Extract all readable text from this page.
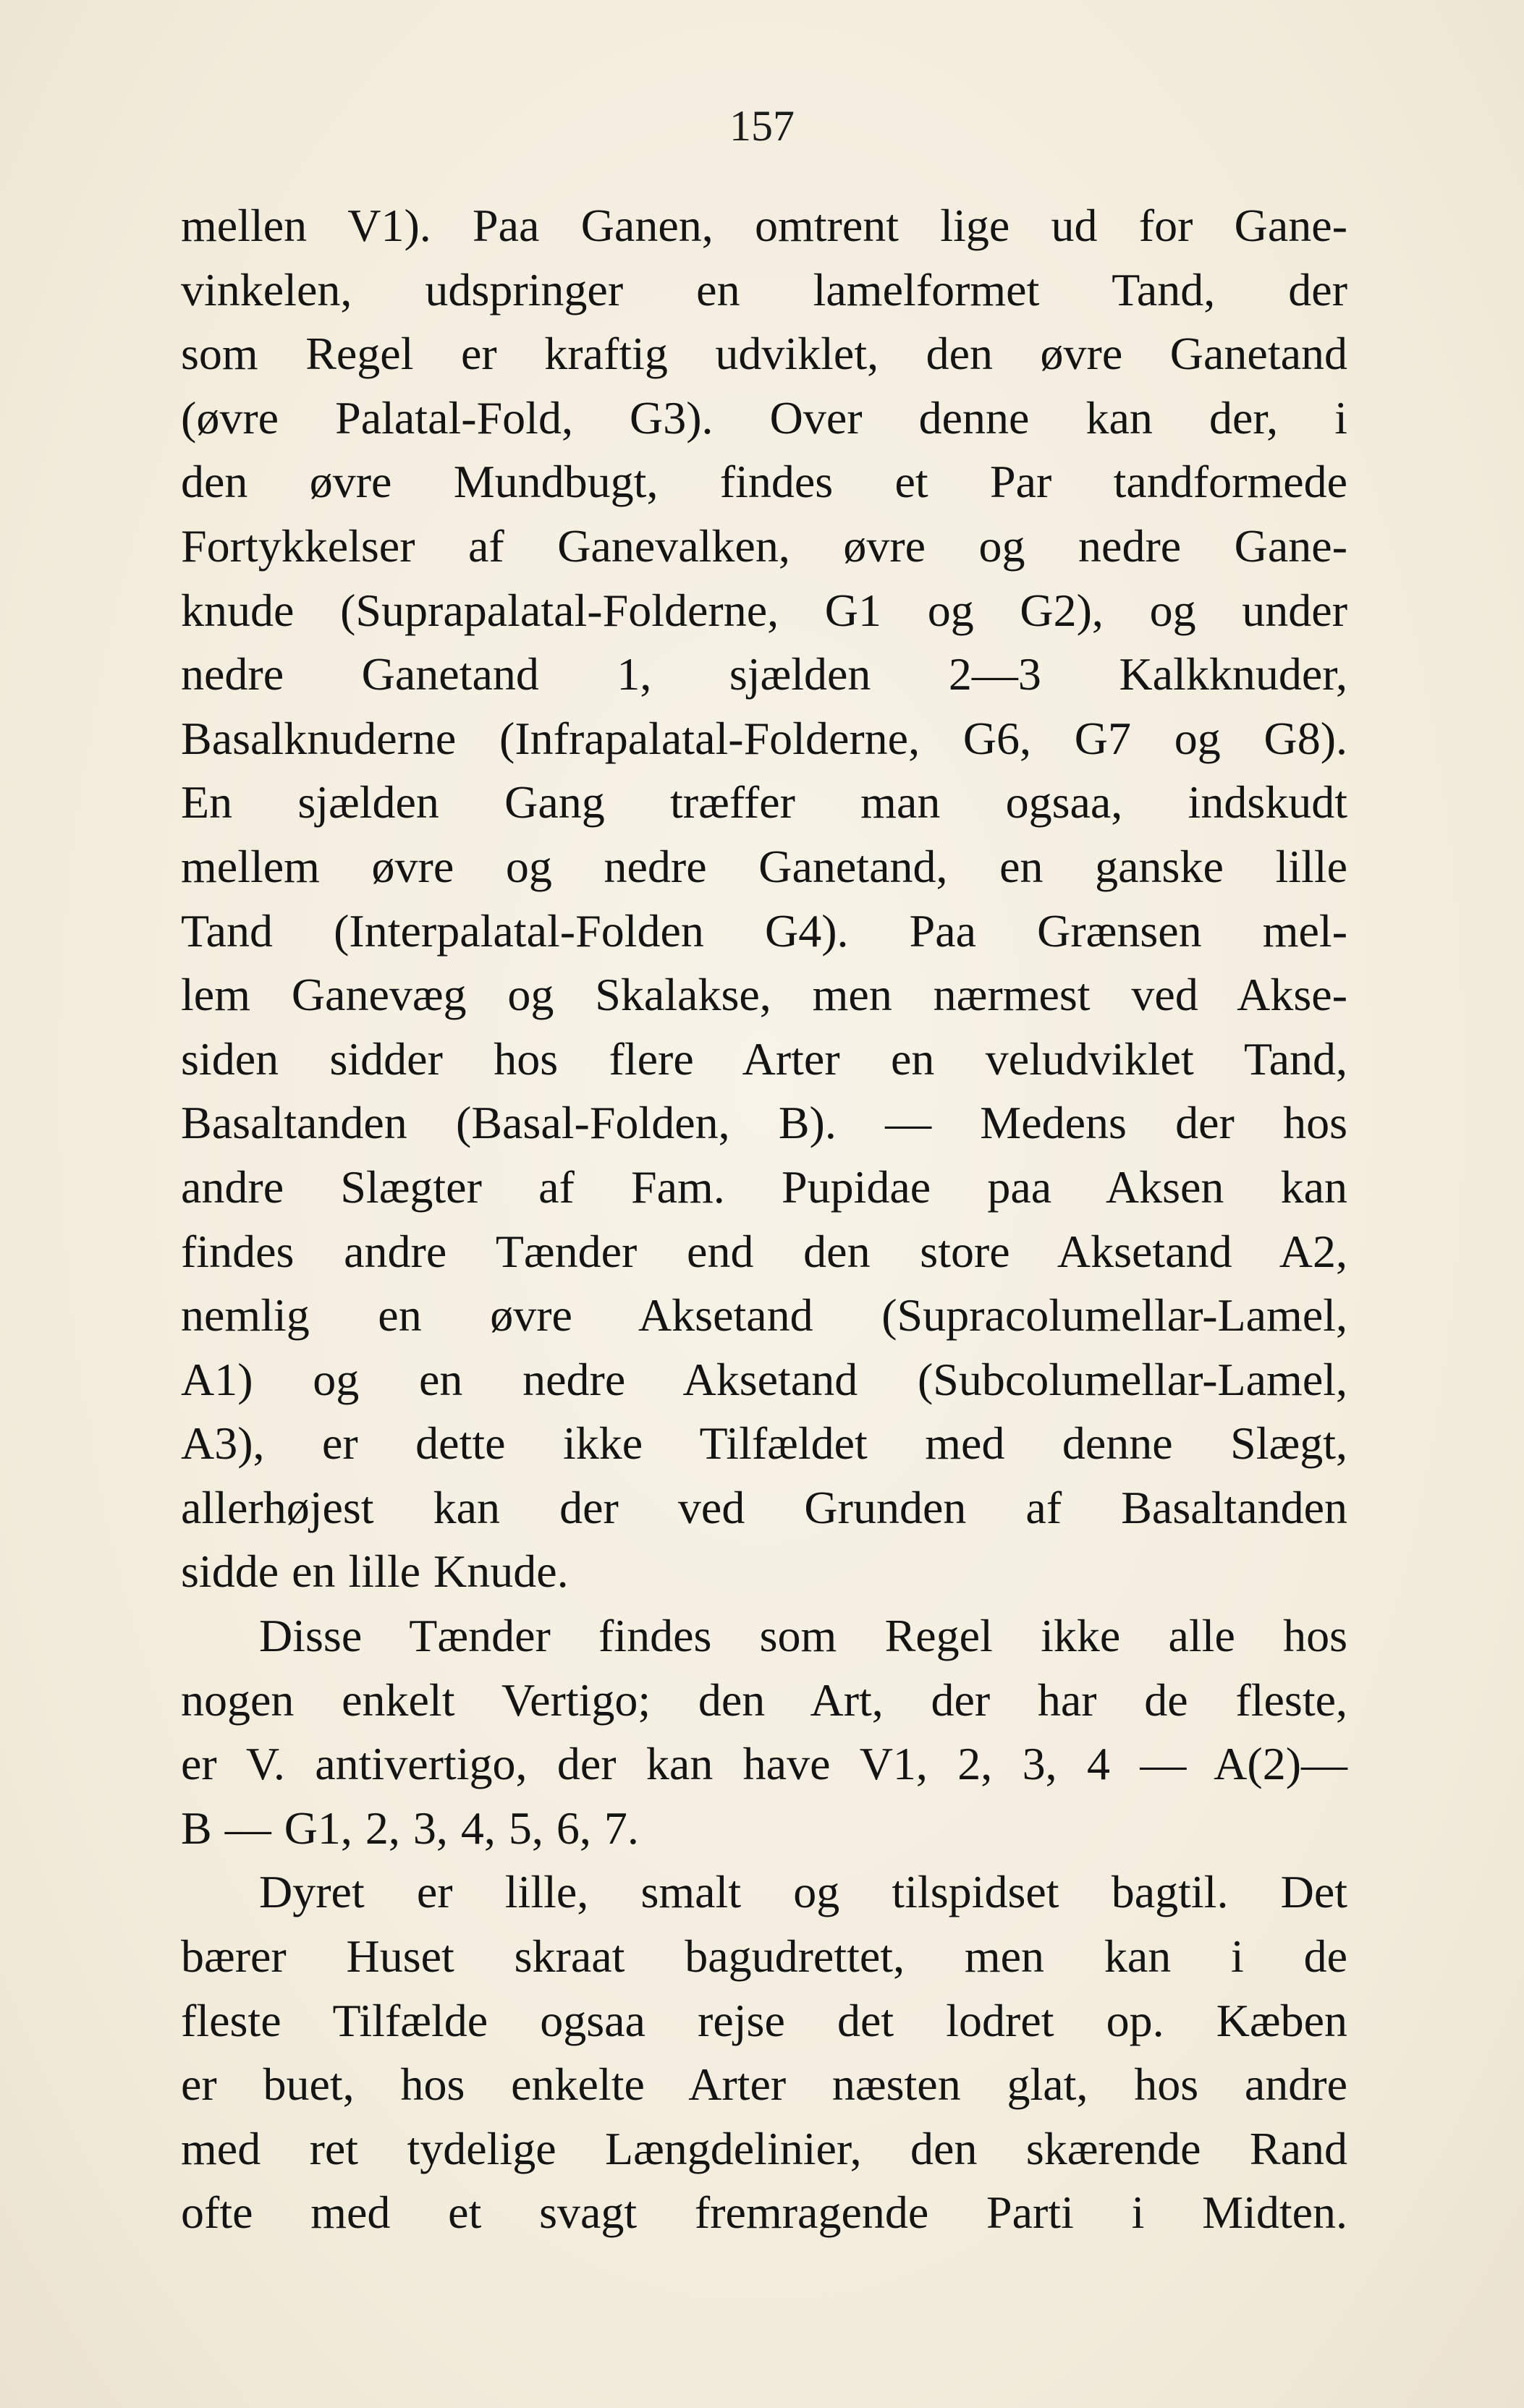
157
mellen V1). Paa Ganen, omtrent lige ud for Gane-
vinkelen, udspringer en lamelformet Tand, der
som Regel er kraftig udviklet, den øvre Ganetand
(øvre Palatal-Fold, G3). Over denne kan der, i
den øvre Mundbugt, findes et Par tandformede
Fortykkelser af Ganevalken, øvre og nedre Gane-
knude (Suprapalatal-Folderne, G1 og G2), og under
nedre Ganetand 1, sjælden 2—3 Kalkknuder,
Basalknuderne (Infrapalatal-Folderne, G6, G7 og G8).
En sjælden Gang træffer man ogsaa, indskudt
mellem øvre og nedre Ganetand, en ganske lille
Tand (Interpalatal-Folden G4). Paa Grænsen mel-
lem Ganevæg og Skalakse, men nærmest ved Akse-
siden sidder hos flere Arter en veludviklet Tand,
Basaltanden (Basal-Folden, B). — Medens der hos
andre Slægter af Fam. Pupidae paa Aksen kan
findes andre Tænder end den store Aksetand A2,
nemlig en øvre Aksetand (Supracolumellar-Lamel,
A1) og en nedre Aksetand (Subcolumellar-Lamel,
A3), er dette ikke Tilfældet med denne Slægt,
allerhøjest kan der ved Grunden af Basaltanden
sidde en lille Knude.
Disse Tænder findes som Regel ikke alle hos
nogen enkelt Vertigo; den Art, der har de fleste,
er V. antivertigo, der kan have V1, 2, 3, 4 — A(2)—
B — G1, 2, 3, 4, 5, 6, 7.
Dyret er lille, smalt og tilspidset bagtil. Det
bærer Huset skraat bagudrettet, men kan i de
fleste Tilfælde ogsaa rejse det lodret op. Kæben
er buet, hos enkelte Arter næsten glat, hos andre
med ret tydelige Længdelinier, den skærende Rand
ofte med et svagt fremragende Parti i Midten.
